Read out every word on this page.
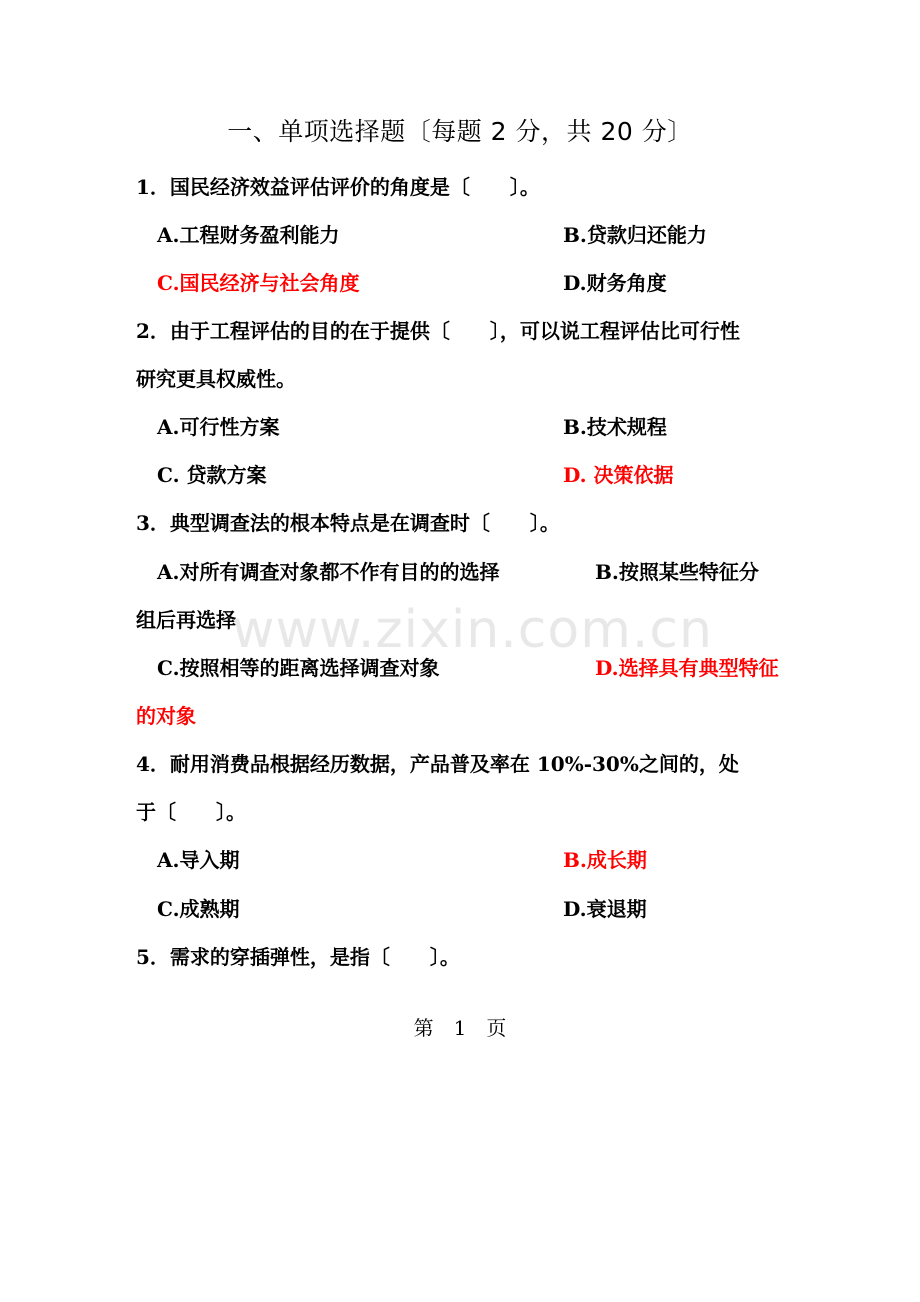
一、单项选择题〔每题 2 分，共 20 分〕
1．国民经济效益评估评价的角度是〔　　〕。
A.工程财务盈利能力	B.贷款归还能力
C.国民经济与社会角度	D.财务角度
2．由于工程评估的目的在于提供〔　　〕，可以说工程评估比可行性
研究更具权威性。
A.可行性方案	B.技术规程
C. 贷款方案	D. 决策依据
3．典型调查法的根本特点是在调查时〔　　〕。
A.对所有调查对象都不作有目的的选择	B.按照某些特征分
组后再选择
C.按照相等的距离选择调查对象	D.选择具有典型特征
的对象
4．耐用消费品根据经历数据，产品普及率在 10%-30%之间的，处
于〔　　〕。
A.导入期	B.成长期
C.成熟期	D.衰退期
5．需求的穿插弹性，是指〔　　〕。
第　1　页
www.zixin.com.cn
